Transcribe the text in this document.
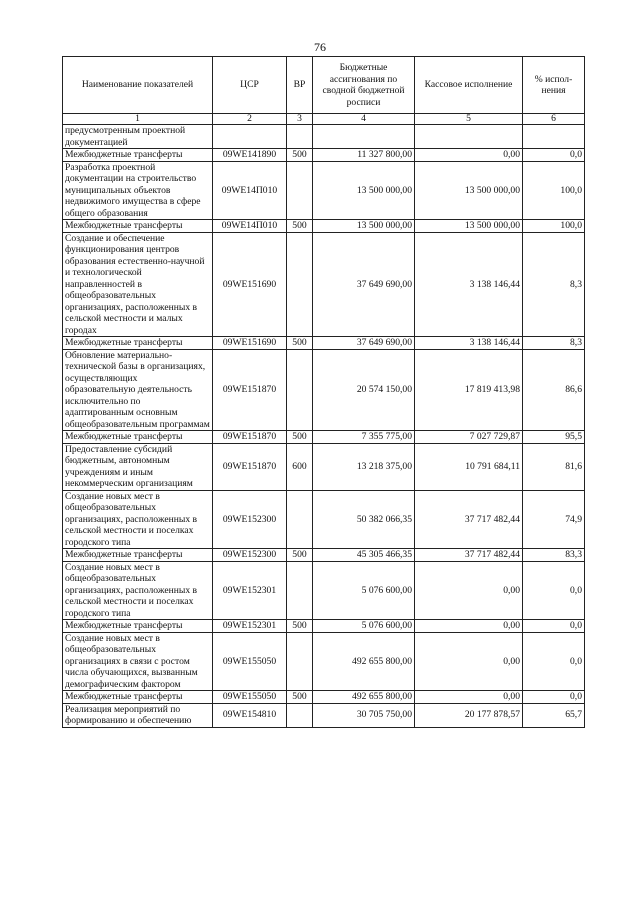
76
Наименование показателей	ЦСР	ВР	Бюджетные ассигнования по сводной бюджетной росписи	Кассовое исполнение	% испол-нения
1	2	3	4	5	6
предусмотренным проектной документацией					
Межбюджетные трансферты	09WE141890	500	11 327 800,00	0,00	0,0
Разработка проектной документации на строительство муниципальных объектов недвижимого имущества в сфере общего образования	09WE14П010		13 500 000,00	13 500 000,00	100,0
Межбюджетные трансферты	09WE14П010	500	13 500 000,00	13 500 000,00	100,0
Создание и обеспечение функционирования центров образования естественно-научной и технологической направленностей в общеобразовательных организациях, расположенных в сельской местности и малых городах	09WE151690		37 649 690,00	3 138 146,44	8,3
Межбюджетные трансферты	09WE151690	500	37 649 690,00	3 138 146,44	8,3
Обновление материально-технической базы в организациях, осуществляющих образовательную деятельность исключительно по адаптированным основным общеобразовательным программам	09WE151870		20 574 150,00	17 819 413,98	86,6
Межбюджетные трансферты	09WE151870	500	7 355 775,00	7 027 729,87	95,5
Предоставление субсидий бюджетным, автономным учреждениям и иным некоммерческим организациям	09WE151870	600	13 218 375,00	10 791 684,11	81,6
Создание новых мест в общеобразовательных организациях, расположенных в сельской местности и поселках городского типа	09WE152300		50 382 066,35	37 717 482,44	74,9
Межбюджетные трансферты	09WE152300	500	45 305 466,35	37 717 482,44	83,3
Создание новых мест в общеобразовательных организациях, расположенных в сельской местности и поселках городского типа	09WE152301		5 076 600,00	0,00	0,0
Межбюджетные трансферты	09WE152301	500	5 076 600,00	0,00	0,0
Создание новых мест в общеобразовательных организациях в связи с ростом числа обучающихся, вызванным демографическим фактором	09WE155050		492 655 800,00	0,00	0,0
Межбюджетные трансферты	09WE155050	500	492 655 800,00	0,00	0,0
Реализация мероприятий по формированию и обеспечению	09WE154810		30 705 750,00	20 177 878,57	65,7
